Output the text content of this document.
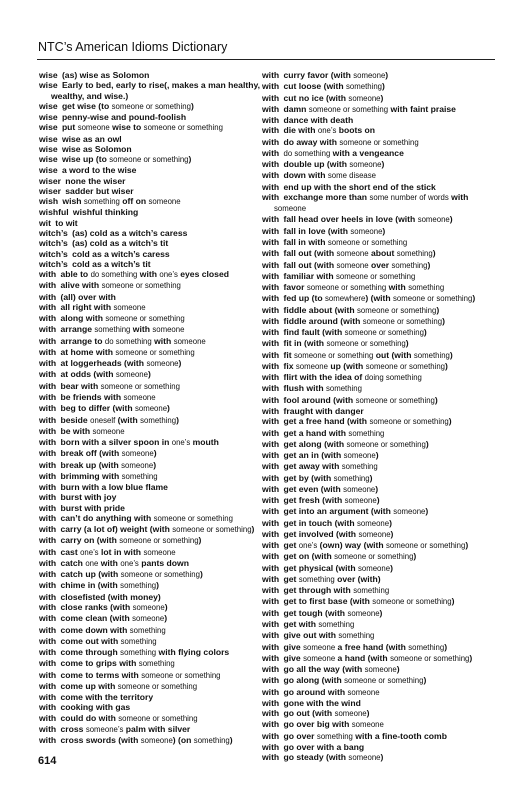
NTC’s American Idioms Dictionary

wise  (as) wise as Solomon

wise  Early to bed, early to rise(, makes a man healthy, wealthy, and wise.)

wise  get wise (to someone or something)

wise  penny-wise and pound-foolish

wise  put someone wise to someone or something

wise  wise as an owl

wise  wise as Solomon

wise  wise up (to someone or something)

wise  a word to the wise

wiser  none the wiser

wiser  sadder but wiser

wish  wish something off on someone

wishful  wishful thinking

wit  to wit

witch’s  (as) cold as a witch’s caress

witch’s  (as) cold as a witch’s tit

witch’s  cold as a witch’s caress

witch’s  cold as a witch’s tit

with  able to do something with one’s eyes closed

with  alive with someone or something

with  (all) over with

with  all right with someone

with  along with someone or something

with  arrange something with someone

with  arrange to do something with someone

with  at home with someone or something

with  at loggerheads (with someone)

with  at odds (with someone)

with  bear with someone or something

with  be friends with someone

with  beg to differ (with someone)

with  beside oneself (with something)

with  be with someone

with  born with a silver spoon in one’s mouth

with  break off (with someone)

with  break up (with someone)

with  brimming with something

with  burn with a low blue flame

with  burst with joy

with  burst with pride

with  can’t do anything with someone or something

with  carry (a lot of) weight (with someone or something)

with  carry on (with someone or something)

with  cast one’s lot in with someone

with  catch one with one’s pants down

with  catch up (with someone or something)

with  chime in (with something)

with  closefisted (with money)

with  close ranks (with someone)

with  come clean (with someone)

with  come down with something

with  come out with something

with  come through something with flying colors

with  come to grips with something

with  come to terms with someone or something

with  come up with someone or something

with  come with the territory

with  cooking with gas

with  could do with someone or something

with  cross someone’s palm with silver

with  cross swords (with someone) (on something)

with  curry favor (with someone)

with  cut loose (with something)

with  cut no ice (with someone)

with  damn someone or something with faint praise

with  dance with death

with  die with one’s boots on

with  do away with someone or something

with  do something with a vengeance

with  double up (with someone)

with  down with some disease

with  end up with the short end of the stick

with  exchange more than some number of words with someone

with  fall head over heels in love (with someone)

with  fall in love (with someone)

with  fall in with someone or something

with  fall out (with someone about something)

with  fall out (with someone over something)

with  familiar with someone or something

with  favor someone or something with something

with  fed up (to somewhere) (with someone or something)

with  fiddle about (with someone or something)

with  fiddle around (with someone or something)

with  find fault (with someone or something)

with  fit in (with someone or something)

with  fit someone or something out (with something)

with  fix someone up (with someone or something)

with  flirt with the idea of doing something

with  flush with something

with  fool around (with someone or something)

with  fraught with danger

with  get a free hand (with someone or something)

with  get a hand with something

with  get along (with someone or something)

with  get an in (with someone)

with  get away with something

with  get by (with something)

with  get even (with someone)

with  get fresh (with someone)

with  get into an argument (with someone)

with  get in touch (with someone)

with  get involved (with someone)

with  get one’s (own) way (with someone or something)

with  get on (with someone or something)

with  get physical (with someone)

with  get something over (with)

with  get through with something

with  get to first base (with someone or something)

with  get tough (with someone)

with  get with something

with  give out with something

with  give someone a free hand (with something)

with  give someone a hand (with someone or something)

with  go all the way (with someone)

with  go along (with someone or something)

with  go around with someone

with  gone with the wind

with  go out (with someone)

with  go over big with someone

with  go over something with a fine-tooth comb

with  go over with a bang

with  go steady (with someone)

614
